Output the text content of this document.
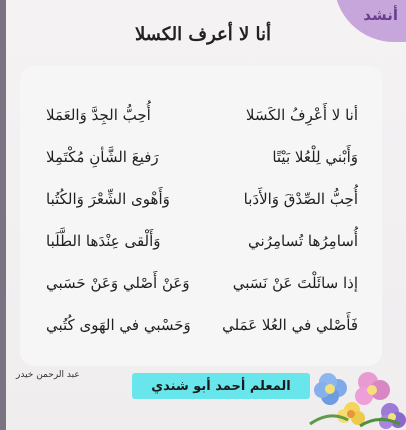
أنشد
أنا لا أعرف الكسلا
أنا لا أَعْرِفُ الكَسَلا
أُحِبُّ الجِدَّ وَالعَمَلا
وَأَبْني لِلْعُلا بَيْتًا
رَفيعَ الشَّأنِ مُكْتَمِلا
أُحِبُّ الصِّدْقَ وَالأَدَبا
وَأَهْوى الشِّعْرَ وَالكُتُبا
أُسامِرُها تُسامِرُني
وَأَلْقى عِنْدَها الطَّلَبا
إذا سائَلْتَ عَنْ نَسَبي
وَعَنْ أَصْلي وَعَنْ حَسَبي
فَأَصْلي في العُلا عَمَلي
وَحَسْبي في الهَوى كُتُبي
عبد الرحمن خيدر
المعلم أحمد أبو شندي
